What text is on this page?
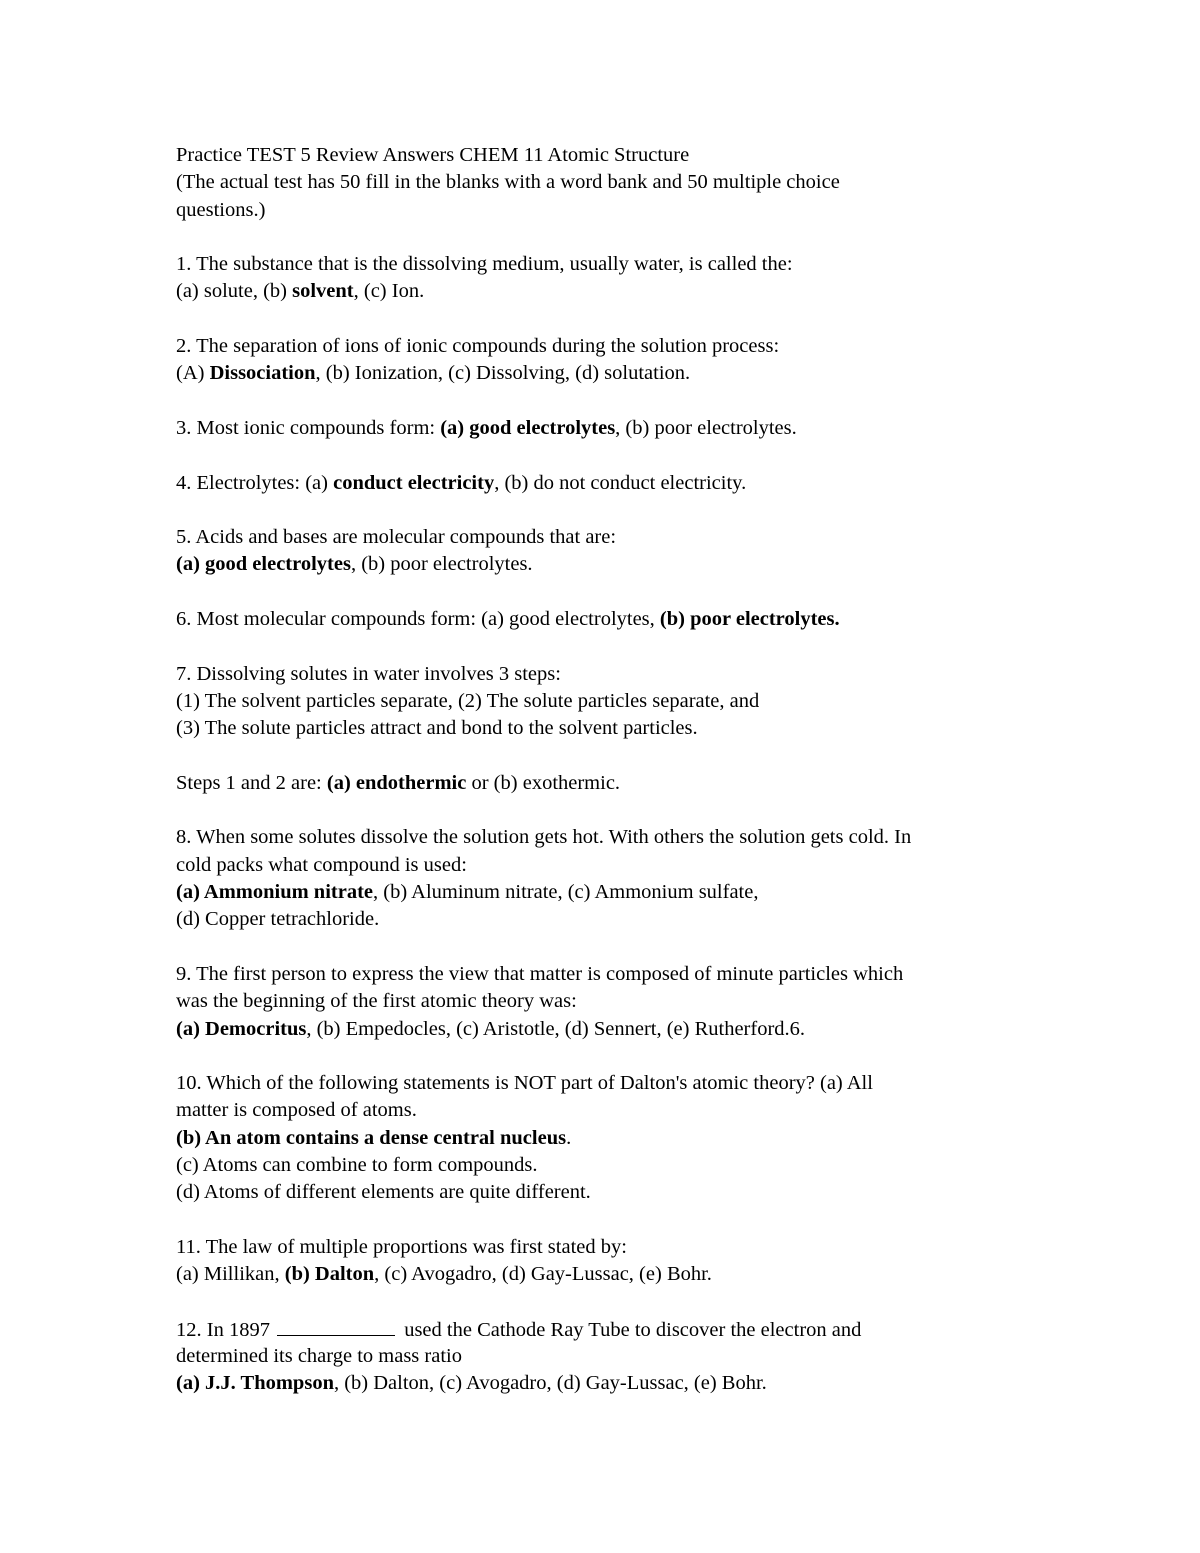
Practice TEST 5 Review Answers CHEM 11 Atomic Structure
(The actual test has 50 fill in the blanks with a word bank and 50 multiple choice
questions.)
1. The substance that is the dissolving medium, usually water, is called the:
(a) solute, (b) solvent, (c) Ion.
2. The separation of ions of ionic compounds during the solution process:
(A) Dissociation, (b) Ionization, (c) Dissolving, (d) solutation.
3. Most ionic compounds form: (a) good electrolytes, (b) poor electrolytes.
4. Electrolytes: (a) conduct electricity, (b) do not conduct electricity.
5. Acids and bases are molecular compounds that are:
(a) good electrolytes, (b) poor electrolytes.
6. Most molecular compounds form: (a) good electrolytes, (b) poor electrolytes.
7. Dissolving solutes in water involves 3 steps:
(1) The solvent particles separate, (2) The solute particles separate, and
(3) The solute particles attract and bond to the solvent particles.
Steps 1 and 2 are: (a) endothermic or (b) exothermic.
8. When some solutes dissolve the solution gets hot. With others the solution gets cold. In
cold packs what compound is used:
(a) Ammonium nitrate, (b) Aluminum nitrate, (c) Ammonium sulfate,
(d) Copper tetrachloride.
9. The first person to express the view that matter is composed of minute particles which
was the beginning of the first atomic theory was:
(a) Democritus, (b) Empedocles, (c) Aristotle, (d) Sennert, (e) Rutherford.6.
10. Which of the following statements is NOT part of Dalton's atomic theory? (a) All
matter is composed of atoms.
(b) An atom contains a dense central nucleus.
(c) Atoms can combine to form compounds.
(d) Atoms of different elements are quite different.
11. The law of multiple proportions was first stated by:
(a) Millikan, (b) Dalton, (c) Avogadro, (d) Gay-Lussac, (e) Bohr.
12. In 1897	used the Cathode Ray Tube to discover the electron and
determined its charge to mass ratio
(a) J.J. Thompson, (b) Dalton, (c) Avogadro, (d) Gay-Lussac, (e) Bohr.
